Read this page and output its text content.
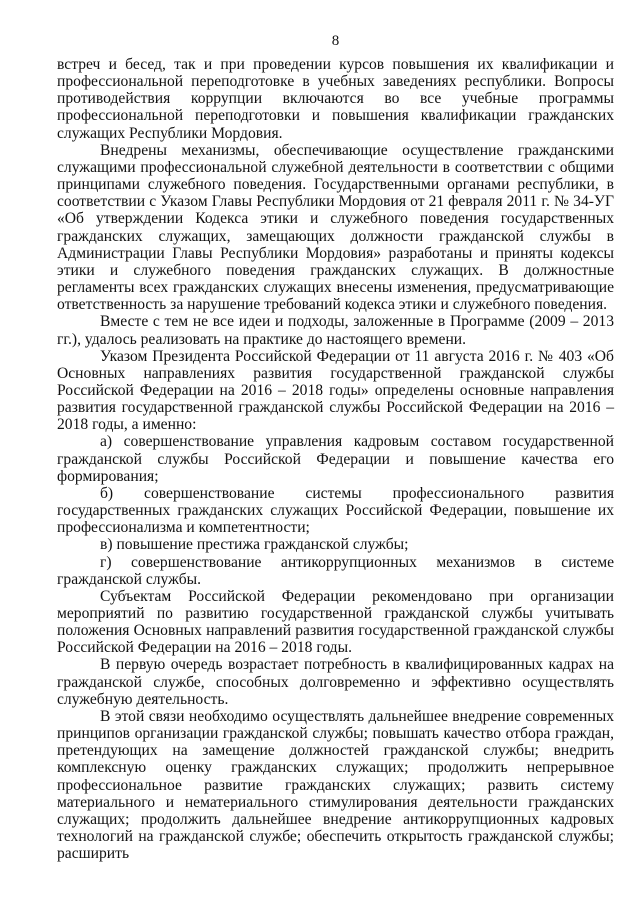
8

встреч и бесед, так и при проведении курсов повышения их квалификации и профессиональной переподготовке в учебных заведениях республики. Вопросы противодействия коррупции включаются во все учебные программы профессиональной переподготовки и повышения квалификации гражданских служащих Республики Мордовия.

Внедрены механизмы, обеспечивающие осуществление гражданскими служащими профессиональной служебной деятельности в соответствии с общими принципами служебного поведения. Государственными органами республики, в соответствии с Указом Главы Республики Мордовия от 21 февраля 2011 г. № 34-УГ «Об утверждении Кодекса этики и служебного поведения государственных гражданских служащих, замещающих должности гражданской службы в Администрации Главы Республики Мордовия» разработаны и приняты кодексы этики и служебного поведения гражданских служащих. В должностные регламенты всех гражданских служащих внесены изменения, предусматривающие ответственность за нарушение требований кодекса этики и служебного поведения.

Вместе с тем не все идеи и подходы, заложенные в Программе (2009 – 2013 гг.), удалось реализовать на практике до настоящего времени.

Указом Президента Российской Федерации от 11 августа 2016 г. № 403 «Об Основных направлениях развития государственной гражданской службы Российской Федерации на 2016 – 2018 годы» определены основные направления развития государственной гражданской службы Российской Федерации на 2016 – 2018 годы, а именно:

а) совершенствование управления кадровым составом государственной гражданской службы Российской Федерации и повышение качества его формирования;

б) совершенствование системы профессионального развития государственных гражданских служащих Российской Федерации, повышение их профессионализма и компетентности;

в) повышение престижа гражданской службы;

г) совершенствование антикоррупционных механизмов в системе гражданской службы.

Субъектам Российской Федерации рекомендовано при организации мероприятий по развитию государственной гражданской службы учитывать положения Основных направлений развития государственной гражданской службы Российской Федерации на 2016 – 2018 годы.

В первую очередь возрастает потребность в квалифицированных кадрах на гражданской службе, способных долговременно и эффективно осуществлять служебную деятельность.

В этой связи необходимо осуществлять дальнейшее внедрение современных принципов организации гражданской службы; повышать качество отбора граждан, претендующих на замещение должностей гражданской службы; внедрить комплексную оценку гражданских служащих; продолжить непрерывное профессиональное развитие гражданских служащих; развить систему материального и нематериального стимулирования деятельности гражданских служащих; продолжить дальнейшее внедрение антикоррупционных кадровых технологий на гражданской службе; обеспечить открытость гражданской службы; расширить
